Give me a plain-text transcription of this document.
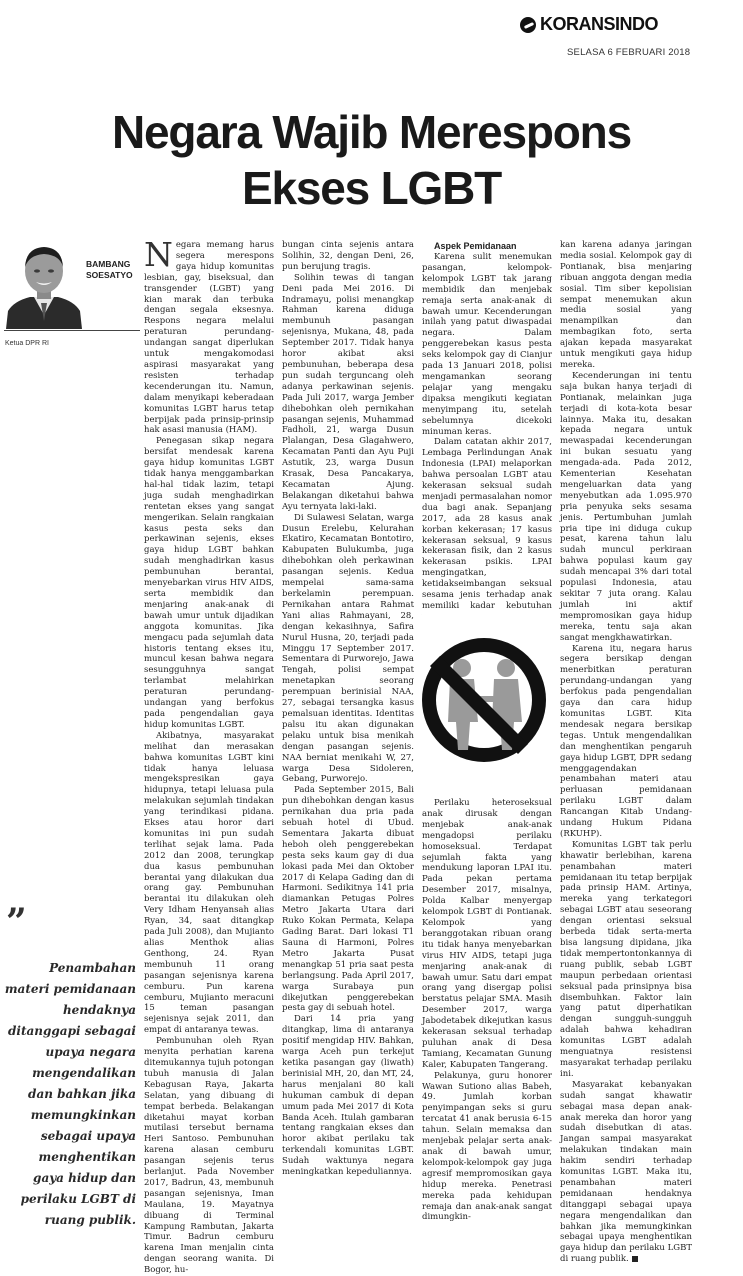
KORANSINDO
SELASA 6 FEBRUARI 2018
Negara Wajib Merespons
Ekses LGBT
BAMBANG
SOESATYO
Ketua DPR RI
”
Penambahan materi pemidanaan hendaknya ditanggapi sebagai upaya negara mengendalikan dan bahkan jika memungkinkan sebagai upaya menghentikan gaya hidup dan perilaku LGBT di ruang publik.

Negara memang harus segera merespons gaya hidup komunitas lesbian, gay, biseksual, dan transgender (LGBT) yang kian marak dan terbuka dengan segala eksesnya. Respons negara melalui peraturan perundang-undangan sangat diperlukan untuk mengakomodasi aspirasi masyarakat yang resisten terhadap kecenderungan itu. Namun, dalam menyikapi keberadaan komunitas LGBT harus tetap berpijak pada prinsip-prinsip hak asasi manusia (HAM).

Penegasan sikap negara bersifat mendesak karena gaya hidup komunitas LGBT tidak hanya menggambarkan hal-hal tidak lazim, tetapi juga sudah menghadirkan rentetan ekses yang sangat mengerikan. Selain rangkaian kasus pesta seks dan perkawinan sejenis, ekses gaya hidup LGBT bahkan sudah menghadirkan kasus pembunuhan berantai, menyebarkan virus HIV AIDS, serta membidik dan menjaring anak-anak di bawah umur untuk dijadikan anggota komunitas. Jika mengacu pada sejumlah data historis tentang ekses itu, muncul kesan bahwa negara sesungguhnya sangat terlambat melahirkan peraturan perundang-undangan yang berfokus pada pengendalian gaya hidup komunitas LGBT.

Akibatnya, masyarakat melihat dan merasakan bahwa komunitas LGBT kini tidak hanya leluasa mengekspresikan gaya hidupnya, tetapi leluasa pula melakukan sejumlah tindakan yang terindikasi pidana. Ekses atau horor dari komunitas ini pun sudah terlihat sejak lama. Pada 2012 dan 2008, terungkap dua kasus pembunuhan berantai yang dilakukan dua orang gay. Pembunuhan berantai itu dilakukan oleh Very Idham Henyansah alias Ryan, 34, saat ditangkap pada Juli 2008), dan Mujianto alias Menthok alias Genthong, 24. Ryan membunuh 11 orang pasangan sejenisnya karena cemburu. Pun karena cemburu, Mujianto meracuni 15 teman pasangan sejenisnya sejak 2011, dan empat di antaranya tewas.

Pembunuhan oleh Ryan menyita perhatian karena ditemukannya tujuh potongan tubuh manusia di Jalan Kebagusan Raya, Jakarta Selatan, yang dibuang di tempat berbeda. Belakangan diketahui mayat korban mutilasi tersebut bernama Heri Santoso. Pembunuhan karena alasan cemburu pasangan sejenis terus berlanjut. Pada November 2017, Badrun, 43, membunuh pasangan sejenisnya, Iman Maulana, 19. Mayatnya dibuang di Terminal Kampung Rambutan, Jakarta Timur. Badrun cemburu karena Iman menjalin cinta dengan seorang wanita. Di Bogor, hu-

bungan cinta sejenis antara Solihin, 32, dengan Deni, 26, pun berujung tragis.

Solihin tewas di tangan Deni pada Mei 2016. Di Indramayu, polisi menangkap Rahman karena diduga membunuh pasangan sejenisnya, Mukana, 48, pada September 2017. Tidak hanya horor akibat aksi pembunuhan, beberapa desa pun sudah terguncang oleh adanya perkawinan sejenis. Pada Juli 2017, warga Jember dihebohkan oleh pernikahan pasangan sejenis, Muhammad Fadholi, 21, warga Dusun Plalangan, Desa Glagahwero, Kecamatan Panti dan Ayu Puji Astutik, 23, warga Dusun Krasak, Desa Pancakarya, Kecamatan Ajung. Belakangan diketahui bahwa Ayu ternyata laki-laki.

Di Sulawesi Selatan, warga Dusun Erelebu, Kelurahan Ekatiro, Kecamatan Bontotiro, Kabupaten Bulukumba, juga dihebohkan oleh perkawinan pasangan sejenis. Kedua mempelai sama-sama berkelamin perempuan. Pernikahan antara Rahmat Yani alias Rahmayani, 28, dengan kekasihnya, Safira Nurul Husna, 20, terjadi pada Minggu 17 September 2017. Sementara di Purworejo, Jawa Tengah, polisi sempat menetapkan seorang perempuan berinisial NAA, 27, sebagai tersangka kasus pemalsuan identitas. Identitas palsu itu akan digunakan pelaku untuk bisa menikah dengan pasangan sejenis. NAA berniat menikahi W, 27, warga Desa Sidoleren, Gebang, Purworejo.

Pada September 2015, Bali pun dihebohkan dengan kasus pernikahan dua pria pada sebuah hotel di Ubud. Sementara Jakarta dibuat heboh oleh penggerebekan pesta seks kaum gay di dua lokasi pada Mei dan Oktober 2017 di Kelapa Gading dan di Harmoni. Sedikitnya 141 pria diamankan Petugas Polres Metro Jakarta Utara dari Ruko Kokan Permata, Kelapa Gading Barat. Dari lokasi T1 Sauna di Harmoni, Polres Metro Jakarta Pusat menangkap 51 pria saat pesta berlangsung. Pada April 2017, warga Surabaya pun dikejutkan penggerebekan pesta gay di sebuah hotel.

Dari 14 pria yang ditangkap, lima di antaranya positif mengidap HIV. Bahkan, warga Aceh pun terkejut ketika pasangan gay (liwath) berinisial MH, 20, dan MT, 24, harus menjalani 80 kali hukuman cambuk di depan umum pada Mei 2017 di Kota Banda Aceh. Itulah gambaran tentang rangkaian ekses dan horor akibat perilaku tak terkendali komunitas LGBT. Sudah waktunya negara meningkatkan kepeduliannya.

Aspek Pemidanaan

Karena sulit menemukan pasangan, kelompok-kelompok LGBT tak jarang membidik dan menjebak remaja serta anak-anak di bawah umur. Kecenderungan inilah yang patut diwaspadai negara. Dalam penggerebekan kasus pesta seks kelompok gay di Cianjur pada 13 Januari 2018, polisi mengamankan seorang pelajar yang mengaku dipaksa mengikuti kegiatan menyimpang itu, setelah sebelumnya dicekoki minuman keras.

Dalam catatan akhir 2017, Lembaga Perlindungan Anak Indonesia (LPAI) melaporkan bahwa persoalan LGBT atau kekerasan seksual sudah menjadi permasalahan nomor dua bagi anak. Sepanjang 2017, ada 28 kasus anak korban kekerasan; 17 kasus kekerasan seksual, 9 kasus kekerasan fisik, dan 2 kasus kekerasan psikis. LPAI mengingatkan, ketidakseimbangan seksual sesama jenis terhadap anak memiliki kadar kebutuhan

Perilaku heteroseksual anak dirusak dengan menjebak anak-anak mengadopsi perilaku homoseksual. Terdapat sejumlah fakta yang mendukung laporan LPAI itu. Pada pekan pertama Desember 2017, misalnya, Polda Kalbar menyergap kelompok LGBT di Pontianak. Kelompok yang beranggotakan ribuan orang itu tidak hanya menyebarkan virus HIV AIDS, tetapi juga menjaring anak-anak di bawah umur. Satu dari empat orang yang disergap polisi berstatus pelajar SMA. Masih Desember 2017, warga Jabodetabek dikejutkan kasus kekerasan seksual terhadap puluhan anak di Desa Tamiang, Kecamatan Gunung Kaler, Kabupaten Tangerang.

Pelakunya, guru honorer Wawan Sutiono alias Babeh, 49. Jumlah korban penyimpangan seks si guru tercatat 41 anak berusia 6-15 tahun. Selain memaksa dan menjebak pelajar serta anak-anak di bawah umur, kelompok-kelompok gay juga agresif mempromosikan gaya hidup mereka. Penetrasi mereka pada kehidupan remaja dan anak-anak sangat dimungkin-

kan karena adanya jaringan media sosial. Kelompok gay di Pontianak, bisa menjaring ribuan anggota dengan media sosial. Tim siber kepolisian sempat menemukan akun media sosial yang menampilkan dan membagikan foto, serta ajakan kepada masyarakat untuk mengikuti gaya hidup mereka.

Kecenderungan ini tentu saja bukan hanya terjadi di Pontianak, melainkan juga terjadi di kota-kota besar lainnya. Maka itu, desakan kepada negara untuk mewaspadai kecenderungan ini bukan sesuatu yang mengada-ada. Pada 2012, Kementerian Kesehatan mengeluarkan data yang menyebutkan ada 1.095.970 pria penyuka seks sesama jenis. Pertumbuhan jumlah pria tipe ini diduga cukup pesat, karena tahun lalu sudah muncul perkiraan bahwa populasi kaum gay sudah mencapai 3% dari total populasi Indonesia, atau sekitar 7 juta orang. Kalau jumlah ini aktif mempromosikan gaya hidup mereka, tentu saja akan sangat mengkhawatirkan.

Karena itu, negara harus segera bersikap dengan menerbitkan peraturan perundang-undangan yang berfokus pada pengendalian gaya dan cara hidup komunitas LGBT. Kita mendesak negara bersikap tegas. Untuk mengendalikan dan menghentikan pengaruh gaya hidup LGBT, DPR sedang menggagendakan penambahan materi atau perluasan pemidanaan perilaku LGBT dalam Rancangan Kitab Undang-undang Hukum Pidana (RKUHP).

Komunitas LGBT tak perlu khawatir berlebihan, karena penambahan materi pemidanaan itu tetap berpijak pada prinsip HAM. Artinya, mereka yang terkategori sebagai LGBT atau seseorang dengan orientasi seksual berbeda tidak serta-merta bisa langsung dipidana, jika tidak mempertontonkannya di ruang publik, sebab LGBT maupun perbedaan orientasi seksual pada prinsipnya bisa disembuhkan. Faktor lain yang patut diperhatikan dengan sungguh-sungguh adalah bahwa kehadiran komunitas LGBT adalah menguatnya resistensi masyarakat terhadap perilaku ini.

Masyarakat kebanyakan sudah sangat khawatir sebagai masa depan anak-anak mereka dan horor yang sudah disebutkan di atas. Jangan sampai masyarakat melakukan tindakan main hakim sendiri terhadap komunitas LGBT. Maka itu, penambahan materi pemidanaan hendaknya ditanggapi sebagai upaya negara mengendalikan dan bahkan jika memungkinkan sebagai upaya menghentikan gaya hidup dan perilaku LGBT di ruang publik.
